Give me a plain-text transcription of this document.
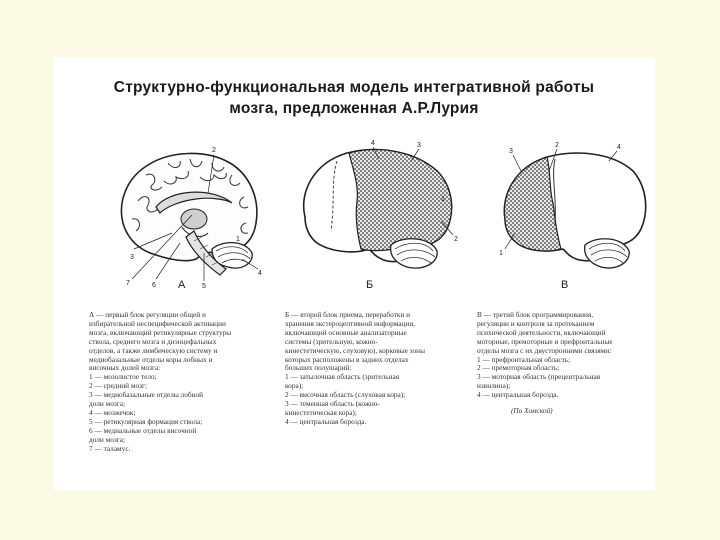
Структурно-функциональная модель интегративной работы
мозга, предложенная А.Р.Лурия
2
3
4
5
6
7
1
А
4	3
2
1
Б
3
2	4
1
В

А — первый блок регуляции общей и

избирательной неспецифической активации

мозга, включающий ретикулярные структуры

ствола, среднего мозга и диэнцефальных

отделов, а также лимбическую систему и

медиобазальные отделы коры лобных и

височных долей мозга:

1 — мозолистое тело;

2 — средний мозг;

3 — медиобазальные отделы лобной

доли мозга;

4 — мозжечок;

5 — ретикулярная формация ствола;

6 — медиальные отделы височной

доли мозга;

7 — таламус.

Б — второй блок приема, переработки и

хранения экстероцептивной информации,

включающий основные анализаторные

системы (зрительную, кожно-

кинестетическую, слуховую), корковые зоны

которых расположены в задних отделах

больших полушарий:

1 — затылочная область (зрительная

кора);

2 — височная область (слуховая кора);

3 — теменная область (кожно-

кинестетическая кора);

4 — центральная борозда.

В — третий блок программирования,

регуляции и контроля за протеканием

психической деятельности, включающий

моторные, премоторные и префронтальные

отделы мозга с их двусторонними связями:

1 — префронтальная область;

2 — премоторная область;

3 — моторная область (прецентральная

извилина);

4 — центральная борозда.

(По Хомской)
